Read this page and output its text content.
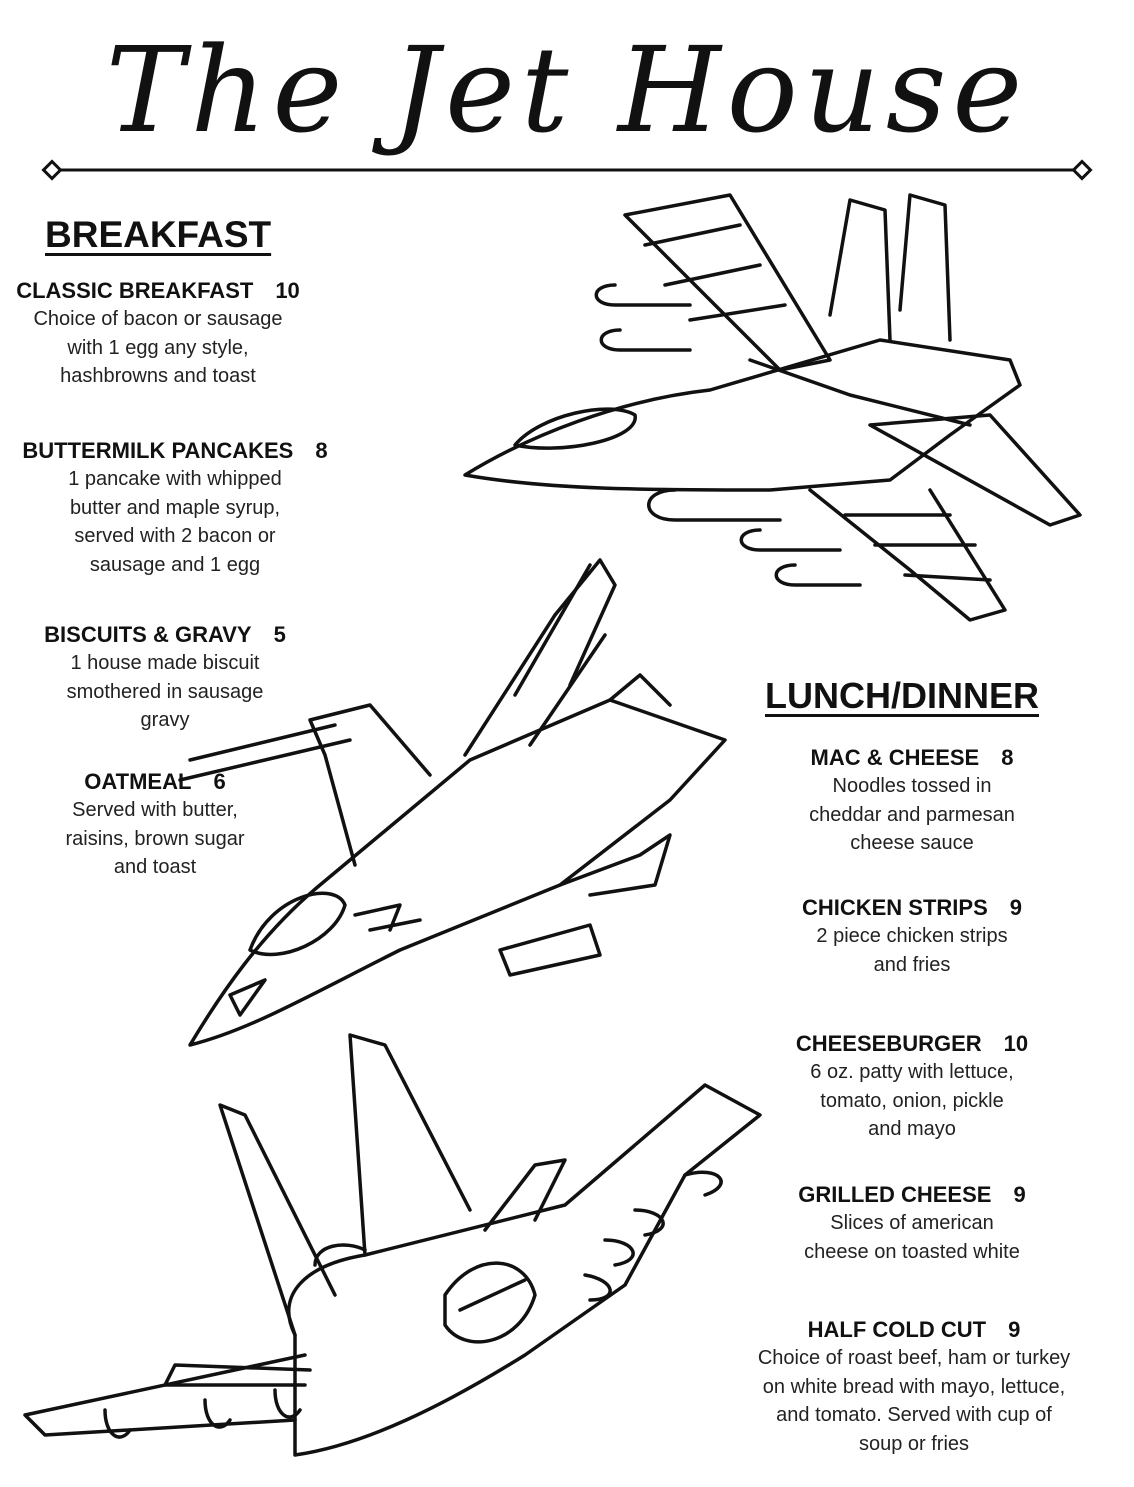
The Jet House
BREAKFAST
CLASSIC BREAKFAST 10
Choice of bacon or sausage
with 1 egg any style,
hashbrowns and toast
BUTTERMILK PANCAKES 8
1 pancake with whipped
butter and maple syrup,
served with 2 bacon or
sausage and 1 egg
BISCUITS & GRAVY 5
1 house made biscuit
smothered in sausage
gravy
OATMEAL 6
Served with butter,
raisins, brown sugar
and toast
LUNCH/DINNER
MAC & CHEESE 8
Noodles tossed in
cheddar and parmesan
cheese sauce
CHICKEN STRIPS 9
2 piece chicken strips
and fries
CHEESEBURGER 10
6 oz. patty with lettuce,
tomato, onion, pickle
and mayo
GRILLED CHEESE 9
Slices of american
cheese on toasted white
HALF COLD CUT 9
Choice of roast beef, ham or turkey
on white bread with mayo, lettuce,
and tomato. Served with cup of
soup or fries
